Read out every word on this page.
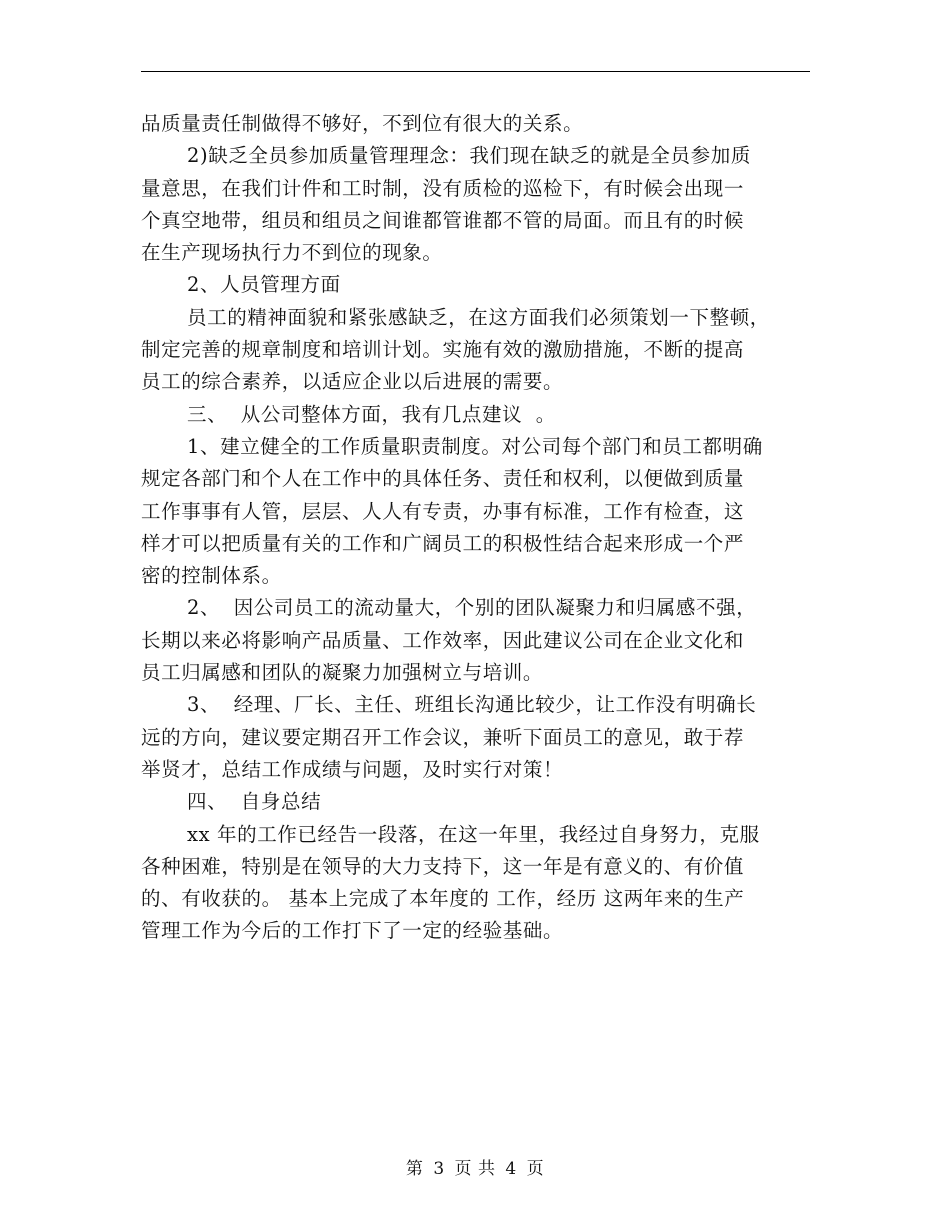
品质量责任制做得不够好，不到位有很大的关系。
2)缺乏全员参加质量管理理念：我们现在缺乏的就是全员参加质
量意思，在我们计件和工时制，没有质检的巡检下，有时候会出现一
个真空地带，组员和组员之间谁都管谁都不管的局面。而且有的时候
在生产现场执行力不到位的现象。
2、人员管理方面
员工的精神面貌和紧张感缺乏，在这方面我们必须策划一下整顿，
制定完善的规章制度和培训计划。实施有效的激励措施，不断的提高
员工的综合素养，以适应企业以后进展的需要。
三、  从公司整体方面，我有几点建议  。
1、建立健全的工作质量职责制度。对公司每个部门和员工都明确
规定各部门和个人在工作中的具体任务、责任和权利，以便做到质量
工作事事有人管，层层、人人有专责，办事有标准，工作有检查，这
样才可以把质量有关的工作和广阔员工的积极性结合起来形成一个严
密的控制体系。
2、  因公司员工的流动量大，个别的团队凝聚力和归属感不强，
长期以来必将影响产品质量、工作效率，因此建议公司在企业文化和
员工归属感和团队的凝聚力加强树立与培训。
3、  经理、厂长、主任、班组长沟通比较少，让工作没有明确长
远的方向，建议要定期召开工作会议，兼听下面员工的意见，敢于荐
举贤才，总结工作成绩与问题，及时实行对策！
四、  自身总结
xx 年的工作已经告一段落，在这一年里，我经过自身努力，克服
各种困难，特别是在领导的大力支持下，这一年是有意义的、有价值
的、有收获的。 基本上完成了本年度的 工作，经历 这两年来的生产
管理工作为今后的工作打下了一定的经验基础。
第 3 页 共 4 页
